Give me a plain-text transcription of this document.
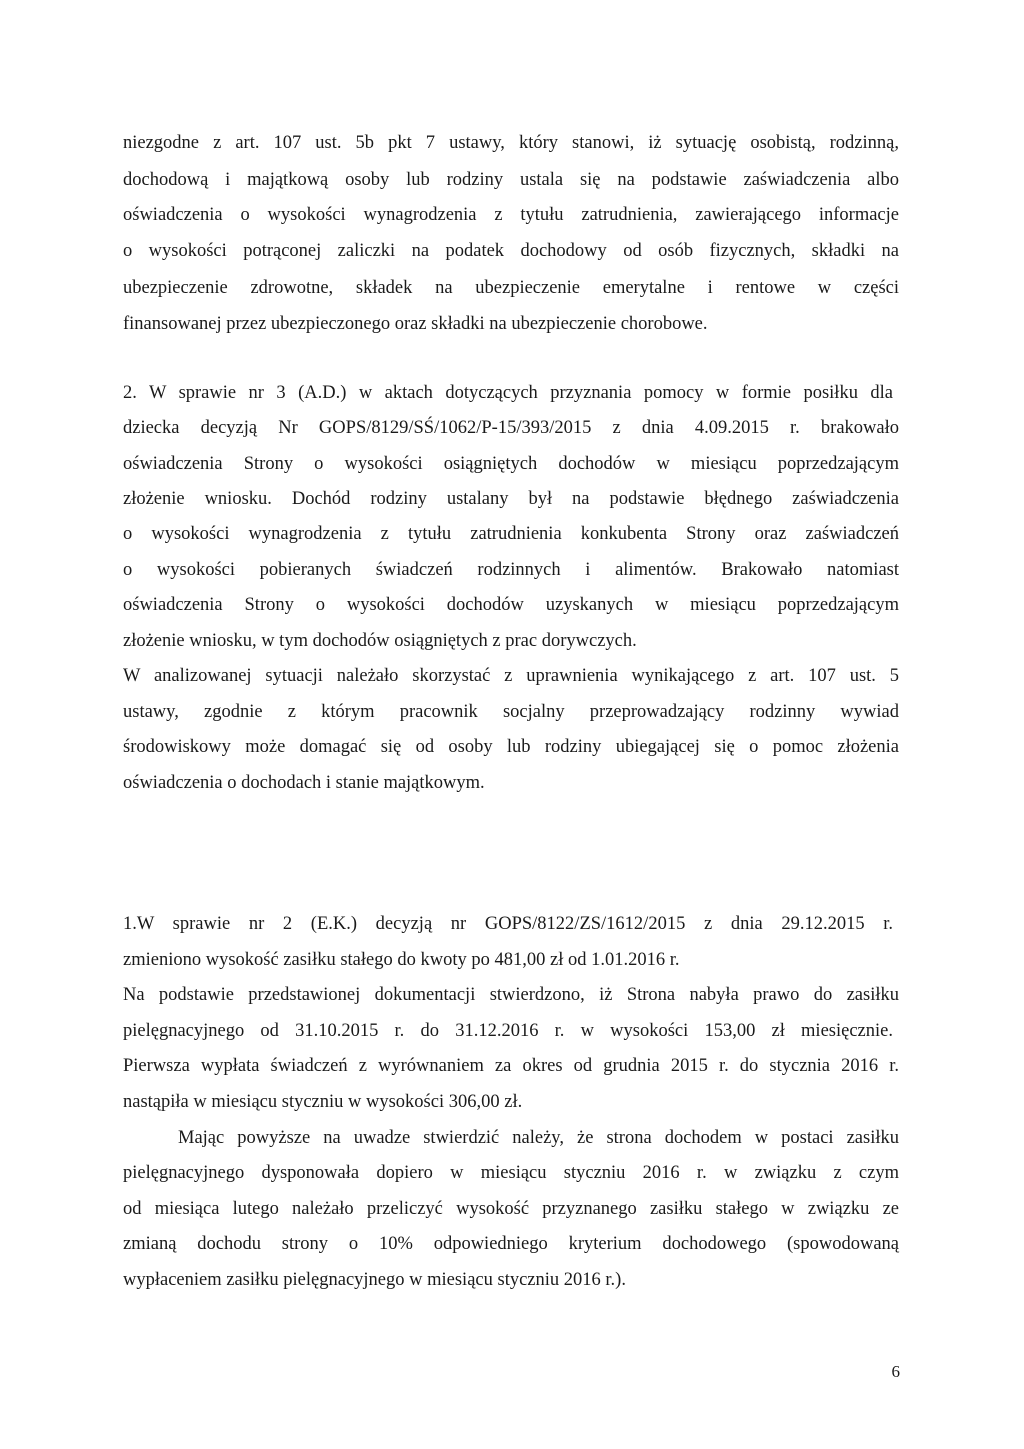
niezgodne z art. 107 ust. 5b pkt 7 ustawy, który stanowi, iż sytuację osobistą, rodzinną,
dochodową i majątkową osoby lub rodziny ustala się na podstawie zaświadczenia albo
oświadczenia o wysokości wynagrodzenia z tytułu zatrudnienia, zawierającego informacje
o wysokości potrąconej zaliczki na podatek dochodowy od osób fizycznych, składki na
ubezpieczenie zdrowotne, składek na ubezpieczenie emerytalne i rentowe w części
finansowanej przez ubezpieczonego oraz składki na ubezpieczenie chorobowe.
2. W sprawie nr 3 (A.D.) w aktach dotyczących przyznania pomocy w formie posiłku dla
dziecka decyzją Nr GOPS/8129/SŚ/1062/P-15/393/2015 z dnia 4.09.2015 r. brakowało
oświadczenia Strony o wysokości osiągniętych dochodów w miesiącu poprzedzającym
złożenie wniosku. Dochód rodziny ustalany był na podstawie błędnego zaświadczenia
o wysokości wynagrodzenia z tytułu zatrudnienia konkubenta Strony oraz zaświadczeń
o wysokości pobieranych świadczeń rodzinnych i alimentów. Brakowało natomiast
oświadczenia Strony o wysokości dochodów uzyskanych w miesiącu poprzedzającym
złożenie wniosku, w tym dochodów osiągniętych z prac dorywczych.
W analizowanej sytuacji należało skorzystać z uprawnienia wynikającego z art. 107 ust. 5
ustawy, zgodnie z którym pracownik socjalny przeprowadzający rodzinny wywiad
środowiskowy może domagać się od osoby lub rodziny ubiegającej się o pomoc złożenia
oświadczenia o dochodach i stanie majątkowym.
1.W sprawie nr 2 (E.K.) decyzją nr GOPS/8122/ZS/1612/2015 z dnia 29.12.2015 r.
zmieniono wysokość zasiłku stałego do kwoty po 481,00 zł od 1.01.2016 r.
Na podstawie przedstawionej dokumentacji stwierdzono, iż Strona nabyła prawo do zasiłku
pielęgnacyjnego od 31.10.2015 r. do 31.12.2016 r. w wysokości 153,00 zł miesięcznie.
Pierwsza wypłata świadczeń z wyrównaniem za okres od grudnia 2015 r. do stycznia 2016 r.
nastąpiła w miesiącu styczniu w wysokości 306,00 zł.
Mając powyższe na uwadze stwierdzić należy, że strona dochodem w postaci zasiłku
pielęgnacyjnego dysponowała dopiero w miesiącu styczniu 2016 r. w związku z czym
od miesiąca lutego należało przeliczyć wysokość przyznanego zasiłku stałego w związku ze
zmianą dochodu strony o 10% odpowiedniego kryterium dochodowego (spowodowaną
wypłaceniem zasiłku pielęgnacyjnego w miesiącu styczniu 2016 r.).
6
